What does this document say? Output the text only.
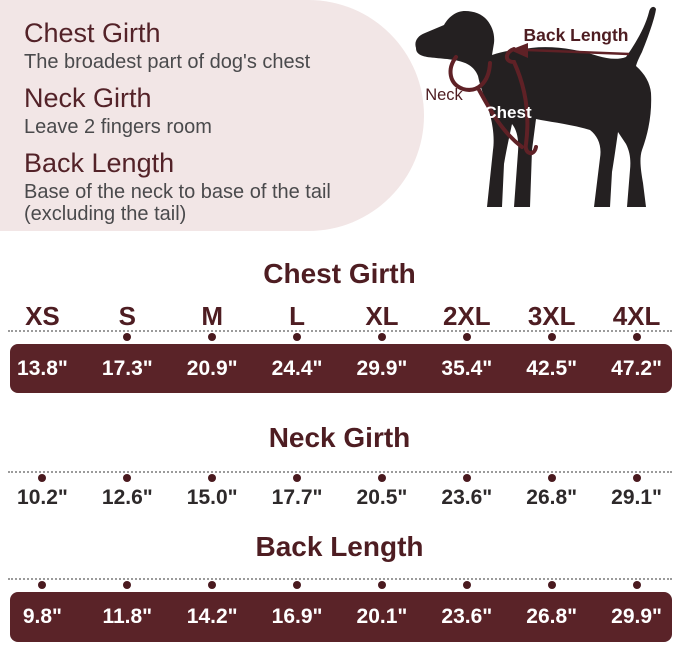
Chest Girth
The broadest part of dog's chest
Neck Girth
Leave 2 fingers room
Back Length
Base of the neck to base of the tail
(excluding the tail)
Back Length
Neck
Chest
Chest Girth
XS	S	M	L	XL	2XL	3XL	4XL
13.8"	17.3"	20.9"	24.4"	29.9"	35.4"	42.5"	47.2"
Neck Girth
10.2"	12.6"	15.0"	17.7"	20.5"	23.6"	26.8"	29.1"
Back Length
9.8"	11.8"	14.2"	16.9"	20.1"	23.6"	26.8"	29.9"
